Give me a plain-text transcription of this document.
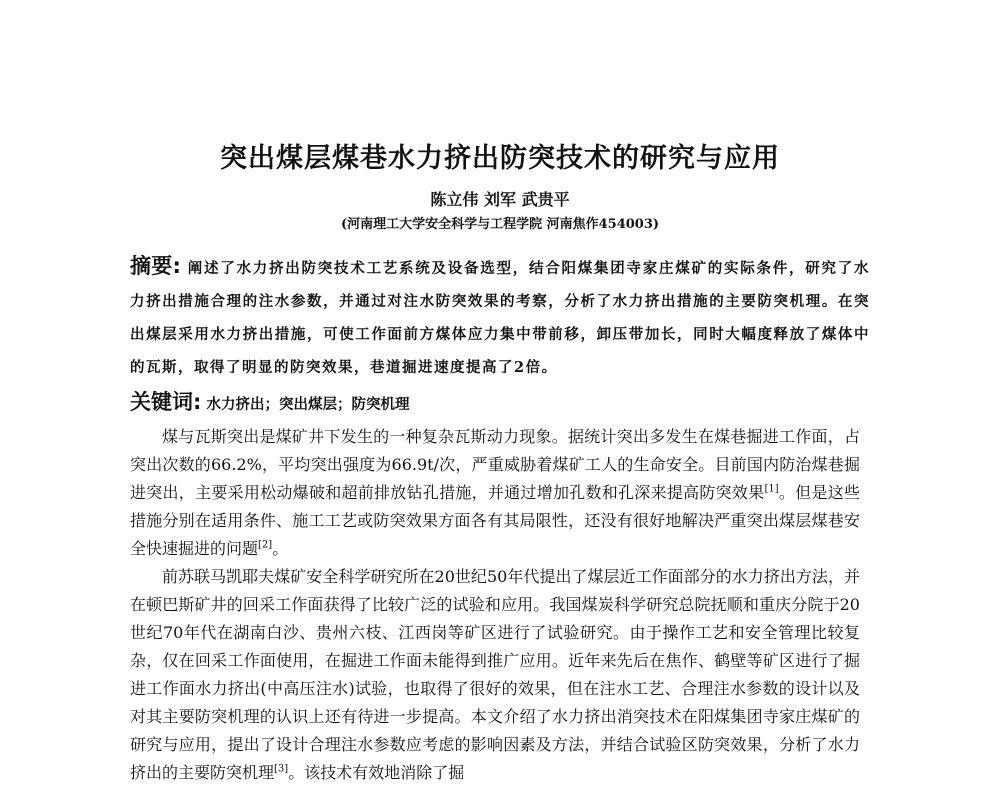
突出煤层煤巷水力挤出防突技术的研究与应用
陈立伟 刘军 武贵平
(河南理工大学安全科学与工程学院 河南焦作454003)
摘要: 阐述了水力挤出防突技术工艺系统及设备选型，结合阳煤集团寺家庄煤矿的实际条件，研究了水力挤出措施合理的注水参数，并通过对注水防突效果的考察，分析了水力挤出措施的主要防突机理。在突出煤层采用水力挤出措施，可使工作面前方煤体应力集中带前移，卸压带加长，同时大幅度释放了煤体中的瓦斯，取得了明显的防突效果，巷道掘进速度提高了2倍。
关键词: 水力挤出；突出煤层；防突机理

煤与瓦斯突出是煤矿井下发生的一种复杂瓦斯动力现象。据统计突出多发生在煤巷掘进工作面，占突出次数的66.2%，平均突出强度为66.9t/次，严重威胁着煤矿工人的生命安全。目前国内防治煤巷掘进突出，主要采用松动爆破和超前排放钻孔措施，并通过增加孔数和孔深来提高防突效果[1]。但是这些措施分别在适用条件、施工工艺或防突效果方面各有其局限性，还没有很好地解决严重突出煤层煤巷安全快速掘进的问题[2]。

前苏联马凯耶夫煤矿安全科学研究所在20世纪50年代提出了煤层近工作面部分的水力挤出方法，并在顿巴斯矿井的回采工作面获得了比较广泛的试验和应用。我国煤炭科学研究总院抚顺和重庆分院于20世纪70年代在湖南白沙、贵州六枝、江西岗等矿区进行了试验研究。由于操作工艺和安全管理比较复杂，仅在回采工作面使用，在掘进工作面未能得到推广应用。近年来先后在焦作、鹤壁等矿区进行了掘进工作面水力挤出(中高压注水)试验，也取得了很好的效果，但在注水工艺、合理注水参数的设计以及对其主要防突机理的认识上还有待进一步提高。本文介绍了水力挤出消突技术在阳煤集团寺家庄煤矿的研究与应用，提出了设计合理注水参数应考虑的影响因素及方法，并结合试验区防突效果，分析了水力挤出的主要防突机理[3]。该技术有效地消除了掘
